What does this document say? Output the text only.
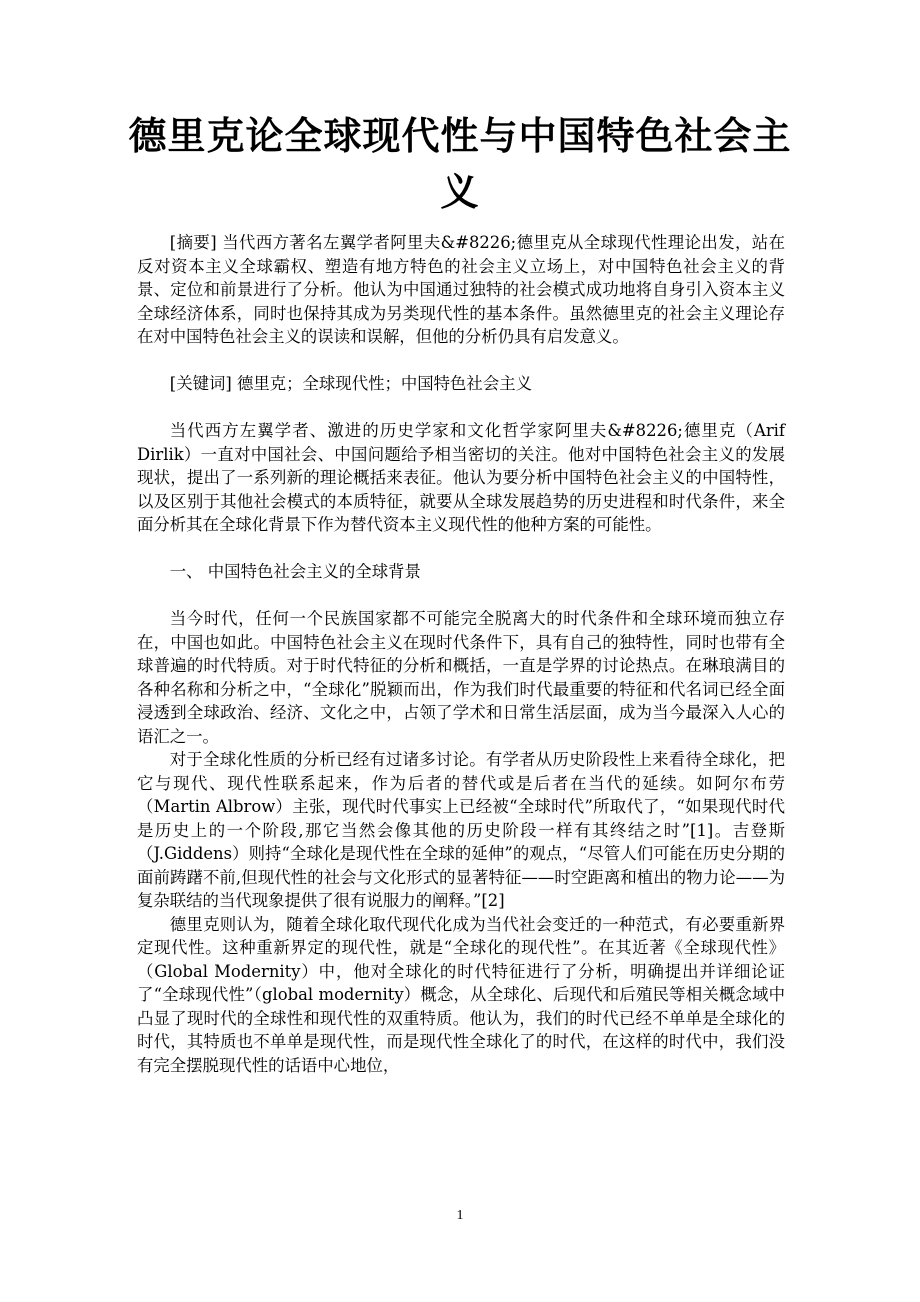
德里克论全球现代性与中国特色社会主义

[摘要] 当代西方著名左翼学者阿里夫&#8226;德里克从全球现代性理论出发，站在反对资本主义全球霸权、塑造有地方特色的社会主义立场上，对中国特色社会主义的背景、定位和前景进行了分析。他认为中国通过独特的社会模式成功地将自身引入资本主义全球经济体系，同时也保持其成为另类现代性的基本条件。虽然德里克的社会主义理论存在对中国特色社会主义的误读和误解，但他的分析仍具有启发意义。

[关键词] 德里克；全球现代性；中国特色社会主义

当代西方左翼学者、激进的历史学家和文化哲学家阿里夫&#8226;德里克（Arif Dirlik）一直对中国社会、中国问题给予相当密切的关注。他对中国特色社会主义的发展现状，提出了一系列新的理论概括来表征。他认为要分析中国特色社会主义的中国特性，以及区别于其他社会模式的本质特征，就要从全球发展趋势的历史进程和时代条件，来全面分析其在全球化背景下作为替代资本主义现代性的他种方案的可能性。

一、 中国特色社会主义的全球背景

当今时代，任何一个民族国家都不可能完全脱离大的时代条件和全球环境而独立存在，中国也如此。中国特色社会主义在现时代条件下，具有自己的独特性，同时也带有全球普遍的时代特质。对于时代特征的分析和概括，一直是学界的讨论热点。在琳琅满目的各种名称和分析之中，“全球化”脱颖而出，作为我们时代最重要的特征和代名词已经全面浸透到全球政治、经济、文化之中，占领了学术和日常生活层面，成为当今最深入人心的语汇之一。

对于全球化性质的分析已经有过诸多讨论。有学者从历史阶段性上来看待全球化，把它与现代、现代性联系起来，作为后者的替代或是后者在当代的延续。如阿尔布劳（Martin Albrow）主张，现代时代事实上已经被“全球时代”所取代了，“如果现代时代是历史上的一个阶段,那它当然会像其他的历史阶段一样有其终结之时”[1]。吉登斯（J.Giddens）则持“全球化是现代性在全球的延伸”的观点，“尽管人们可能在历史分期的面前踌躇不前,但现代性的社会与文化形式的显著特征——时空距离和植出的物力论——为复杂联结的当代现象提供了很有说服力的阐释。”[2]

德里克则认为，随着全球化取代现代化成为当代社会变迁的一种范式，有必要重新界定现代性。这种重新界定的现代性，就是“全球化的现代性”。在其近著《全球现代性》（Global Modernity）中，他对全球化的时代特征进行了分析，明确提出并详细论证了“全球现代性”（global modernity）概念，从全球化、后现代和后殖民等相关概念域中凸显了现时代的全球性和现代性的双重特质。他认为，我们的时代已经不单单是全球化的时代，其特质也不单单是现代性，而是现代性全球化了的时代，在这样的时代中，我们没有完全摆脱现代性的话语中心地位，

1
